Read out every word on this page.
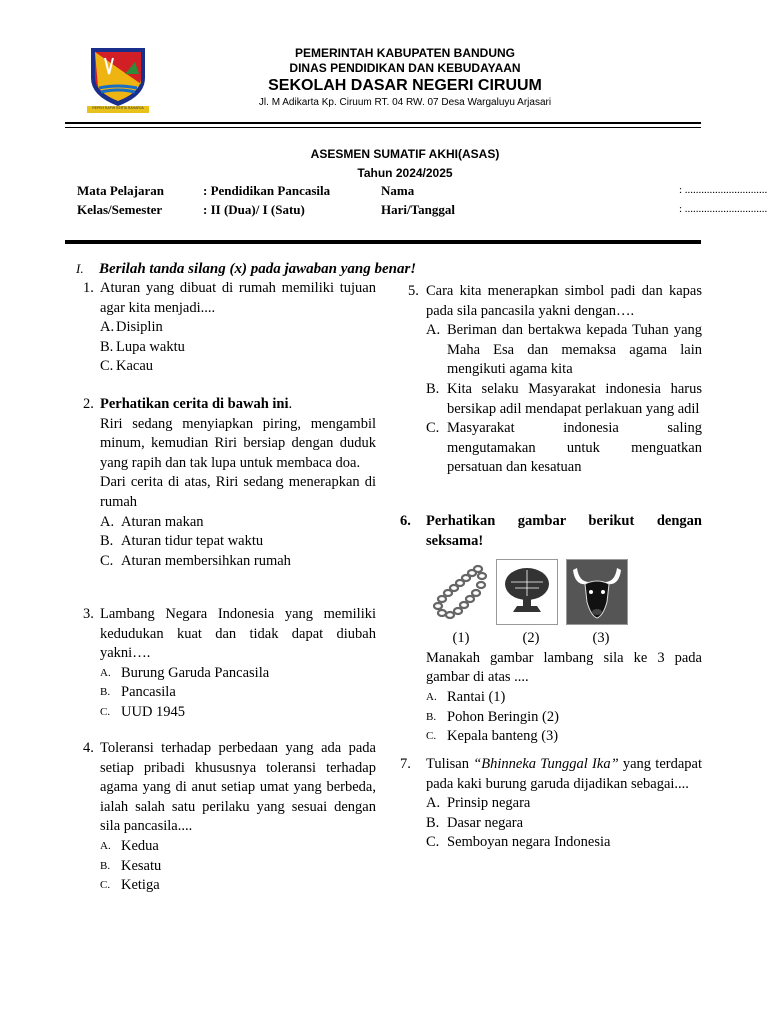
REPEH RAPIH KERTA RAHARJA
PEMERINTAH KABUPATEN BANDUNG
DINAS PENDIDIKAN DAN KEBUDAYAAN
SEKOLAH DASAR NEGERI CIRUUM
Jl. M Adikarta Kp. Ciruum RT. 04 RW. 07 Desa Wargaluyu Arjasari
ASESMEN SUMATIF AKHI(ASAS)
Tahun 2024/2025
Mata Pelajaran	: Pendidikan Pancasila	Nama	: ..............................
Kelas/Semester	: II (Dua)/ I (Satu)	Hari/Tanggal	: ..............................
I. Berilah tanda silang (x) pada jawaban yang benar!
1. Aturan yang dibuat di rumah memiliki tujuan agar kita menjadi....

A. Disiplin
B. Lupa waktu
C. Kacau
2. Perhatikan cerita di bawah ini.

Riri sedang menyiapkan piring, mengambil minum, kemudian Riri bersiap dengan duduk yang rapih dan tak lupa untuk membaca doa.

Dari cerita di atas, Riri sedang menerapkan di rumah

A. Aturan makan
B. Aturan tidur tepat waktu
C. Aturan membersihkan rumah
3. Lambang Negara Indonesia yang memiliki kedudukan kuat dan tidak dapat diubah yakni….

A. Burung Garuda Pancasila
B. Pancasila
C. UUD 1945
4. Toleransi terhadap perbedaan yang ada pada setiap pribadi khususnya toleransi terhadap agama yang di anut setiap umat yang berbeda, ialah salah satu perilaku yang sesuai dengan sila pancasila....

A. Kedua
B. Kesatu
C. Ketiga
5. Cara kita menerapkan simbol padi dan kapas pada sila pancasila yakni dengan….

A. Beriman dan bertakwa kepada Tuhan yang Maha Esa dan memaksa agama lain mengikuti agama kita
B. Kita selaku Masyarakat indonesia harus bersikap adil mendapat perlakuan yang adil
C. Masyarakat indonesia saling mengutamakan untuk menguatkan persatuan dan kesatuan
6.	Perhatikan gambar berikut dengan seksama!

(1)	(2)	(3)

Manakah gambar lambang sila ke 3 pada gambar di atas ....

A. Rantai (1)
B. Pohon Beringin (2)
C. Kepala banteng (3)
7.	Tulisan “Bhinneka Tunggal Ika” yang terdapat pada kaki burung garuda dijadikan sebagai....

A. Prinsip negara
B. Dasar negara
C. Semboyan negara Indonesia
